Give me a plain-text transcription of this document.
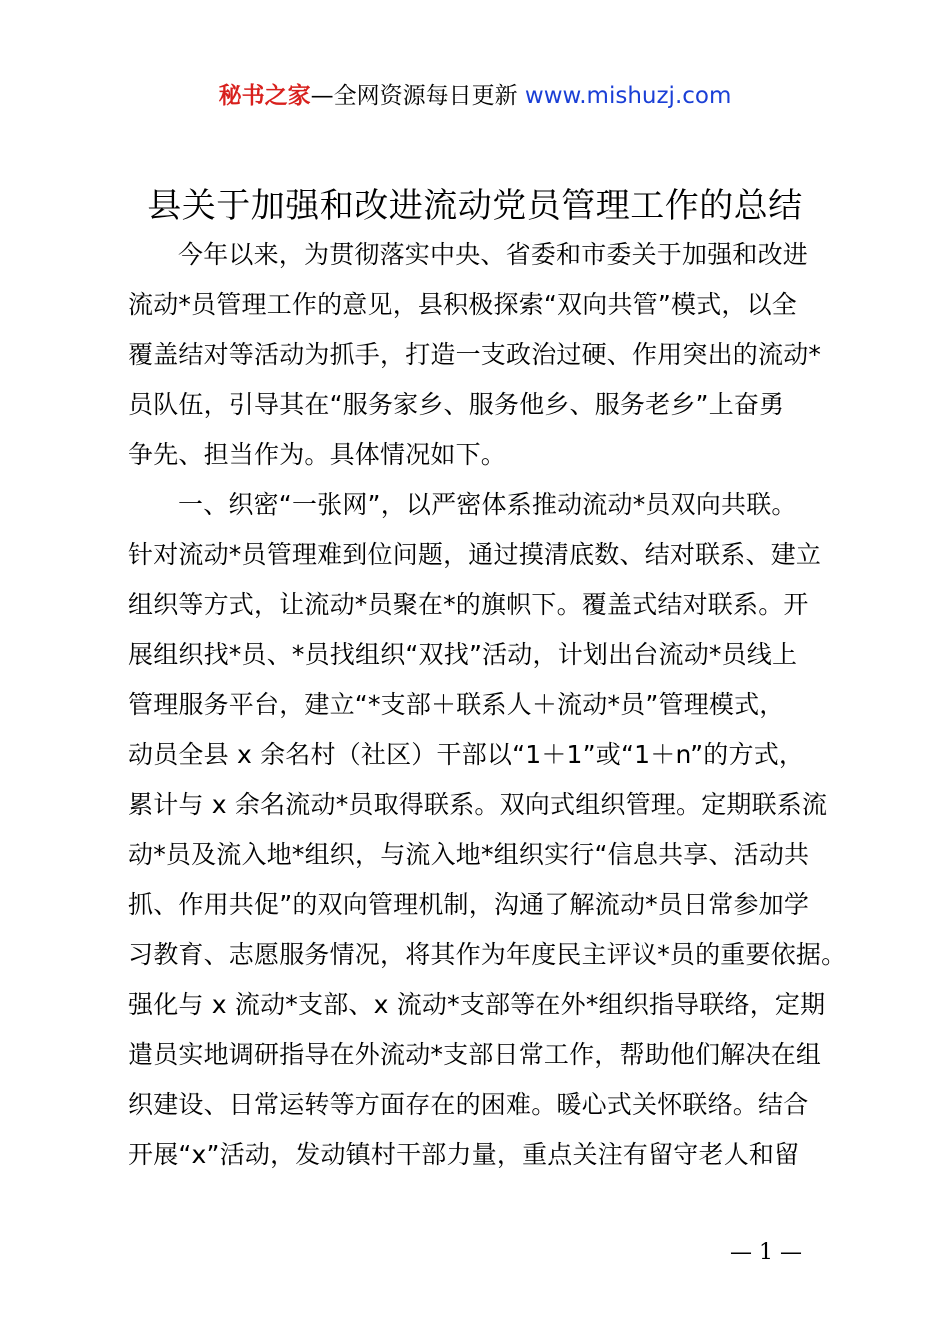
秘书之家—全网资源每日更新 www.mishuzj.com
县关于加强和改进流动党员管理工作的总结
今年以来，为贯彻落实中央、省委和市委关于加强和改进
流动*员管理工作的意见，县积极探索“双向共管”模式，以全
覆盖结对等活动为抓手，打造一支政治过硬、作用突出的流动*
员队伍，引导其在“服务家乡、服务他乡、服务老乡”上奋勇
争先、担当作为。具体情况如下。
一、织密“一张网”，以严密体系推动流动*员双向共联。
针对流动*员管理难到位问题，通过摸清底数、结对联系、建立
组织等方式，让流动*员聚在*的旗帜下。覆盖式结对联系。开
展组织找*员、*员找组织“双找”活动，计划出台流动*员线上
管理服务平台，建立“*支部＋联系人＋流动*员”管理模式，
动员全县 x 余名村（社区）干部以“1＋1”或“1＋n”的方式，
累计与 x 余名流动*员取得联系。双向式组织管理。定期联系流
动*员及流入地*组织，与流入地*组织实行“信息共享、活动共
抓、作用共促”的双向管理机制，沟通了解流动*员日常参加学
习教育、志愿服务情况，将其作为年度民主评议*员的重要依据。
强化与 x 流动*支部、x 流动*支部等在外*组织指导联络，定期
遣员实地调研指导在外流动*支部日常工作，帮助他们解决在组
织建设、日常运转等方面存在的困难。暖心式关怀联络。结合
开展“x”活动，发动镇村干部力量，重点关注有留守老人和留
— 1 —
